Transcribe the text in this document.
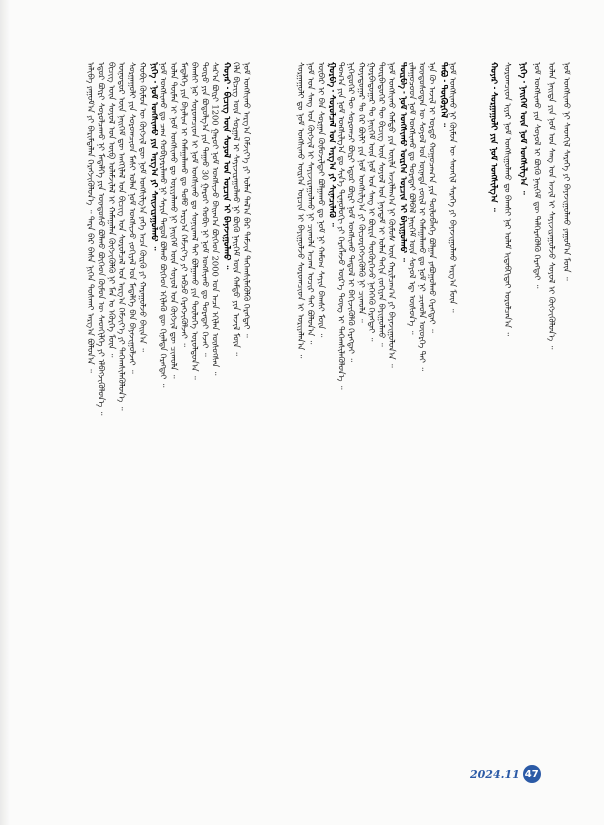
ᠠᠯᠢᠪᠠ ᠶᠠᠭᠤᠮ᠎ᠠ ᠶᠢ ᠪᠠᠷᠢᠮᠲᠠᠯᠠᠨ ᠬᠡᠷᠡᠭᠵᠢᠭᠦᠯᠦᠨ᠎ᠡ ᠃ ᠲᠡᠷᠡ ᠪᠡᠷ ᠪᠠᠰᠠ ᠨᠢᠭᠡᠨ ᠲᠤᠰᠬᠠᠢ ᠠᠷᠭ᠎ᠠ ᠪᠣᠯᠤᠨ᠎ᠠ ᠃ ᠡᠳᠦᠷ ᠪᠦᠷᠢ ᠰᠤᠷᠤᠯᠴᠠᠬᠤ ᠨᠢ ᠮᠡᠳᠡᠯᠭᠡ ᠶᠢᠨ ᠦᠨᠳᠦᠰᠦ ᠪᠣᠯᠬᠤ ᠪᠥᠭᠡᠳ ᠬᠦᠮᠦᠨ ᠦ ᠰᠡᠳᠬᠢᠯᠭᠡ ᠶᠢ ᠡᠯᠪᠡᠭᠵᠢᠭᠦᠯᠦᠨ᠎ᠡ ᠃ ᠪᠢᠴᠢᠭ ᠦᠨ ᠰᠤᠶᠤᠯ ᠤᠨ ᠦᠪ ᠤᠯᠠᠮᠵᠢᠯᠠᠯ ᠢ ᠬᠠᠮᠠᠭᠠᠯᠠᠨ ᠬᠥᠭᠵᠢᠭᠦᠯᠬᠦ ᠨᠢ ᠮᠠᠨ ᠤ ᠡᠭᠦᠷᠭᠡ ᠮᠥᠨ ᠃ ᠥᠨᠥᠳᠥᠷ ᠦᠨ ᠨᠡᠢᠭᠡᠮ ᠳᠦ ᠠᠩᠭᠢᠯᠠᠯ ᠤᠨ ᠪᠢᠴᠢᠭ ᠤᠨ ᠰᠤᠷᠤᠯᠴᠠᠯ ᠤᠨ ᠠᠷᠭ᠎ᠠ ᠬᠡᠮᠵᠢᠶ᠎ᠡ ᠶᠢ ᠳᠡᠭᠡᠭ᠍ᠰᠢᠯᠡᠭᠦᠯᠦᠨ᠎ᠡ ᠃ ᠰᠤᠷᠭᠠᠭᠤᠯᠢ ᠶᠢᠨ ᠰᠤᠷᠤᠭᠴᠢᠳ ᠮᠠᠰᠢ ᠣᠯᠠᠨ ᠨᠣᠮ ᠤᠩᠰᠢᠵᠤ ᠵᠣᠬᠢᠶᠠᠯ ᠤᠨ ᠮᠡᠳᠡᠯᠭᠡ ᠪᠡᠨ ᠪᠠᠶᠠᠵᠢᠭᠤᠯᠵᠠᠢ ᠃ ᠬᠤᠪᠢ ᠬᠥᠮᠥᠨ ᠦ ᠬᠥᠭᠵᠢᠯ ᠳᠦ ᠨᠣᠮ ᠤᠩᠰᠢᠯᠭ᠎ᠠ ᠶᠡᠬᠡ ᠠᠴᠠ ᠬᠦᠷᠬᠦ ᠶᠢ ᠬᠠᠷᠠᠭᠤᠯᠵᠤ ᠪᠠᠢᠨ᠎ᠠ ᠃ ᠨᠢᠭᠡ ᠊ ᠨᠣᠮ ᠤᠩᠰᠢᠬᠤ ᠶᠢᠨ ᠠᠷᠭ᠎ᠠ ᠶᠢ ᠰᠠᠢᠵᠢᠷᠠᠭᠤᠯᠬᠤ ᠃ ᠨᠣᠮ ᠤᠩᠰᠢᠬᠤ ᠳᠤ ᠴᠠᠭ ᠬᠤᠪᠢᠶᠠᠷᠢᠯᠠᠬᠤ ᠨᠢ ᠰᠠᠶᠢᠨ ᠳᠠᠳᠤᠯ ᠪᠣᠯᠬᠤ ᠪᠥᠭᠡᠳ ᠡᠬᠢᠯᠡᠬᠦ ᠳᠦ ᠬᠢᠨᠠᠯᠲᠠ ᠬᠡᠷᠡᠭᠲᠡᠢ ᠃ ᠣᠯᠠᠨ ᠲᠦᠮᠡᠨ ᠢ ᠨᠣᠮ ᠤᠩᠰᠢᠬᠤ ᠳᠤ ᠤᠷᠢᠶᠠᠯᠠᠬᠤ ᠨᠢ ᠨᠡᠢᠭᠡᠮ ᠦᠨ ᠰᠣᠶᠣᠯ ᠤᠨ ᠬᠥᠭᠵᠢᠯ ᠳᠦ ᠴᠢᠬᠤᠯᠠ ᠃ ᠮᠡᠳᠡᠯᠭᠡ ᠶᠢᠨ ᠪᠠᠶᠠᠯᠢᠭ ᠢ ᠬᠠᠮᠠᠭᠠᠯᠠᠬᠤ ᠳᠤ ᠲᠣᠮᠣ ᠠᠷᠭ᠎ᠠ ᠬᠡᠮᠵᠢᠶ᠎ᠡ ᠶᠢ ᠠᠪᠴᠤ ᠬᠡᠷᠡᠭᠵᠢᠭᠦᠯᠵᠡᠢ ᠃ ᠪᠠᠭᠰᠢ ᠨᠠᠷ ᠰᠤᠷᠤᠭᠴᠢᠳ ᠢ ᠨᠣᠮ ᠤᠩᠰᠢᠬᠤ ᠳᠤ ᠰᠣᠨᠢᠷᠬᠠᠯ ᠲᠠᠢ ᠪᠣᠯᠭᠠᠬᠤ ᠶᠢᠨ ᠲᠥᠯᠦᠭᠡ ᠣᠷᠣᠯᠳᠤᠨ᠎ᠠ ᠃ ᠲᠥᠷᠥ ᠶᠢᠨ ᠪᠣᠳᠣᠯᠭ᠎ᠠ ᠶᠢᠨ ᠳᠠᠭᠠᠤ 30 ᠭᠠᠷᠤᠢ ᠬᠤᠪᠢ ᠨᠢ ᠨᠣᠮ ᠤᠩᠰᠢᠬᠤ ᠳᠤ ᠳᠤᠷᠠᠲᠠᠢ ᠭᠡᠵᠡᠢ ᠃ ᠰᠠᠷ᠎ᠠ ᠪᠦᠷᠢ 1200 ᠭᠠᠷᠤᠢ ᠨᠣᠮ ᠤᠩᠰᠢᠵᠤ ᠪᠠᠢᠭ᠎ᠠ ᠪᠥᠭᠡᠳ 2000 ᠣᠨ ᠠᠴᠠ ᠡᠬᠢᠯᠡᠨ ᠥᠰᠦᠭᠰᠡᠨ ᠃ ᠬᠣᠶᠠᠷ ᠊ ᠪᠢᠴᠢᠭ ᠦᠨ ᠰᠤᠶᠤᠯ ᠤᠨ ᠣᠷᠴᠢᠨ ᠢ ᠪᠠᠶᠠᠵᠢᠭᠤᠯᠬᠤ ᠃ ᠬᠡᠯᠡ ᠪᠢᠴᠢᠭ ᠦᠨ ᠰᠤᠷᠭᠠᠯ ᠢ ᠰᠠᠶᠢᠵᠢᠷᠠᠭᠤᠯᠬᠤ ᠨᠢ ᠪᠦᠬᠦ ᠨᠡᠢᠭᠡᠮ ᠦᠨ ᠬᠠᠮᠲᠤ ᠶᠢᠨ ᠠᠵᠢᠯ ᠮᠥᠨ ᠃ ᠨᠣᠮ ᠤᠩᠰᠢᠬᠤ ᠠᠷᠭ᠎ᠠ ᠬᠡᠮᠵᠢᠶ᠎ᠡ ᠶᠢ ᠣᠯᠠᠨ ᠲᠠᠯ᠎ᠠ ᠪᠠᠷ ᠳᠡᠮᠵᠢᠨ ᠳᠡᠭᠡᠭ᠍ᠰᠢᠯᠡᠭᠦᠯᠬᠦ ᠬᠡᠷᠡᠭᠲᠡᠢ ᠃	ᠰᠤᠷᠭᠠᠭᠤᠯᠢ ᠳᠤ ᠨᠣᠮ ᠤᠩᠰᠢᠬᠤ ᠥᠷᠭᠡᠨ ᠣᠷᠴᠢᠨ ᠢ ᠪᠠᠶᠢᠭᠤᠯᠵᠤ ᠰᠤᠷᠤᠭᠴᠢᠳ ᠢ ᠤᠷᠢᠶᠠᠯᠠᠨ᠎ᠠ ᠃ ᠨᠣᠮ ᠤᠨ ᠰᠠᠩ ᠤᠨ ᠬᠥᠭᠵᠢᠯ ᠢ ᠰᠠᠶᠢᠵᠢᠷᠠᠭᠤᠯᠬᠤ ᠨᠢ ᠴᠢᠬᠤᠯᠠ ᠠᠴᠬᠠ ᠤᠴᠢᠷ ᠲᠠᠢ ᠪᠣᠯᠤᠨ᠎ᠠ ᠃ ᠥᠪᠡᠷ ᠢ ᠪᠡᠨ ᠰᠤᠷᠭᠠᠨ ᠬᠦᠮᠦᠵᠢᠯᠲᠡᠢ ᠪᠣᠯᠭᠠᠬᠤ ᠳᠤ ᠨᠣᠮ ᠨᠢ ᠬᠠᠮᠤᠭ ᠰᠠᠶᠢᠨ ᠪᠠᠭᠰᠢ ᠮᠥᠨ ᠃ ᠭᠤᠷᠪᠠ ᠊ ᠰᠤᠷᠤᠯᠴᠠᠯ ᠤᠨ ᠠᠷᠭ᠎ᠠ ᠶᠢ ᠰᠢᠨᠡᠴᠢᠯᠡᠬᠦ ᠃ ᠲᠣᠭ᠎ᠠ ᠶᠢᠨ ᠨᠣᠮ ᠤᠩᠰᠢᠯᠭ᠎ᠠ ᠳᠤ ᠰᠢᠨ᠎ᠡ ᠲᠧᠠᠨᠣᠯᠣᠭᠢ ᠶᠢ ᠬᠡᠷᠡᠭᠯᠡᠵᠦ ᠦᠷ᠎ᠡ ᠳᠦᠩ ᠢ ᠳᠡᠭᠡᠭ᠍ᠰᠢᠯᠡᠭᠦᠯᠦᠨ᠎ᠡ ᠃ ᠨᠢᠭᠡᠳᠦᠭᠡᠷ ᠲᠦ ᠰᠤᠷᠤᠭᠴᠢ ᠪᠦᠷᠢ ᠡᠳᠦᠷ ᠪᠦᠷᠢ ᠨᠣᠮ ᠤᠩᠰᠢᠬᠤ ᠳᠠᠳᠤᠯ ᠢ ᠪᠡᠬᠢᠵᠢᠭᠦᠯᠬᠦ ᠬᠡᠷᠡᠭᠲᠡᠢ ᠃ ᠬᠣᠶᠠᠳᠤᠭᠠᠷ ᠲᠤ ᠭᠡᠷ ᠪᠦᠯᠢ ᠶᠢᠨ ᠨᠣᠮ ᠤᠩᠰᠢᠯᠭ᠎ᠠ ᠶᠢ ᠬᠦᠴᠦᠷᠬᠡᠭᠵᠢᠭᠦᠯᠬᠦ ᠨᠢ ᠴᠢᠬᠤᠯᠠ ᠃ ᠭᠤᠷᠪᠠᠳᠤᠭᠠᠷ ᠲᠤ ᠨᠡᠢᠭᠡᠮ ᠦᠨ ᠨᠣᠮ ᠤᠨ ᠰᠠᠩ ᠢ ᠪᠦᠷᠢᠨ ᠳᠦᠭᠦᠷᠭᠡᠵᠦ ᠨᠡᠭᠡᠭᠡᠬᠦ ᠬᠡᠷᠡᠭᠲᠡᠢ ᠃ ᠳᠥᠷᠪᠡᠳᠦᠭᠡᠷ ᠲᠦ ᠪᠢᠴᠢᠭ ᠦᠨ ᠰᠤᠶᠤᠯ ᠤᠨ ᠨᠠᠶᠠᠳᠠᠮ ᠢ ᠣᠯᠠᠨ ᠳᠠᠬᠢᠨ ᠵᠣᠬᠢᠶᠠᠨ ᠪᠠᠶᠢᠭᠤᠯᠬᠤ ᠃ ᠨᠣᠮ ᠤᠩᠰᠢᠬᠤ ᠬᠠᠮᠲᠤ ᠶᠢᠨ ᠦᠢᠯᠡ ᠠᠵᠢᠯᠯᠠᠭ᠎ᠠ ᠨᠢ ᠬᠦᠮᠦᠰ ᠦᠨ ᠬᠠᠷᠢᠯᠴᠠᠭ᠎ᠠ ᠶᠢ ᠪᠠᠶᠠᠵᠢᠭᠤᠯᠤᠨ᠎ᠠ ᠃ ᠳᠥᠷᠪᠡ ᠊ ᠨᠣᠮ ᠤᠩᠰᠢᠬᠤ ᠥᠷᠭᠡᠨ ᠣᠷᠴᠢᠨ ᠢ ᠪᠠᠶᠢᠭᠤᠯᠬᠤ ᠃ ᠵᠠᠯᠠᠭᠤᠴᠤᠳ ᠨᠣᠮ ᠤᠩᠰᠢᠬᠤ ᠳᠤ ᠳᠤᠷᠠᠲᠠᠢ ᠪᠣᠯᠪᠠᠯ ᠨᠡᠢᠭᠡᠮ ᠦᠨ ᠰᠣᠶᠣᠯ ᠡᠳ᠋ ᠥᠰᠦᠨ᠎ᠡ ᠃ ᠦᠨᠳᠦᠰᠦᠲᠡᠨ ᠦ ᠰᠣᠶᠣᠯ ᠤᠨ ᠦᠨᠡᠲᠡ ᠵᠦᠢᠯ ᠢ ᠬᠠᠮᠠᠭᠠᠯᠠᠬᠤ ᠳᠤ ᠨᠣᠮ ᠨᠢ ᠴᠢᠬᠤᠯᠠ ᠦᠦᠷᠭᠡ ᠲᠡᠢ ᠃ ᠡᠨᠡ ᠬᠦ ᠠᠵᠢᠯ ᠢ ᠤᠷᠲᠤ ᠬᠤᠭᠤᠴᠠᠭ᠎ᠠ ᠶᠢᠨ ᠲᠥᠯᠥᠪᠯᠡᠭᠡ ᠪᠣᠯᠭᠠᠨ ᠶᠠᠪᠤᠭᠤᠯᠬᠤ ᠬᠡᠷᠡᠭᠲᠡᠢ ᠃ ᠲᠠᠪᠤ ᠊ ᠳᠦᠭᠦᠷᠭᠡᠯ ᠃ ᠨᠣᠮ ᠤᠩᠰᠢᠬᠤ ᠨᠢ ᠬᠦᠮᠦᠨ ᠦ ᠰᠡᠳᠬᠢᠯ ᠰᠡᠷᠡᠭᠡ ᠶᠢ ᠪᠠᠶᠠᠵᠢᠭᠤᠯᠬᠤ ᠠᠷᠭ᠎ᠠ ᠮᠥᠨ ᠃	ᠬᠣᠶᠠᠷ ᠊ ᠰᠤᠷᠭᠠᠭᠤᠯᠢ ᠶᠢᠨ ᠨᠣᠮ ᠤᠩᠰᠢᠯᠭ᠎ᠠ ᠃ ᠰᠤᠷᠤᠭᠴᠢᠳ ᠢᠶᠠᠷ ᠨᠣᠮ ᠤᠩᠰᠢᠭᠤᠯᠬᠤ ᠳᠤ ᠪᠠᠭᠰᠢ ᠨᠠᠷ ᠤᠯᠠᠮ ᠢᠳᠡᠪᠬᠢᠲᠡᠢ ᠣᠷᠣᠯᠴᠠᠨ᠎ᠠ ᠃ ᠨᠢᠭᠡ ᠊ ᠨᠡᠢᠭᠡᠮ ᠦᠨ ᠨᠣᠮ ᠤᠩᠰᠢᠯᠭ᠎ᠠ ᠃ ᠨᠣᠮ ᠤᠩᠰᠢᠬᠤ ᠶᠢᠨ ᠰᠣᠶᠣᠯ ᠢ ᠪᠦᠬᠦ ᠨᠡᠢᠭᠡᠮ ᠳᠦ ᠳᠡᠯᠭᠡᠷᠡᠭᠦᠯᠬᠦ ᠬᠡᠷᠡᠭᠲᠡᠢ ᠃ ᠣᠯᠠᠨ ᠨᠡᠢᠲᠡ ᠶᠢᠨ ᠨᠣᠮ ᠤᠨ ᠰᠠᠩ ᠤᠨ ᠠᠵᠢᠯ ᠢ ᠰᠠᠶᠢᠵᠢᠷᠠᠭᠤᠯᠵᠤ ᠰᠣᠶᠣᠯ ᠢ ᠬᠥᠭᠵᠢᠭᠦᠯᠦᠨ᠎ᠡ ᠃ ᠨᠣᠮ ᠤᠩᠰᠢᠬᠤ ᠨᠢ ᠰᠡᠳᠬᠢᠯ ᠰᠡᠷᠡᠭᠡ ᠶᠢ ᠪᠠᠶᠠᠵᠢᠭᠤᠯᠬᠤ ᠶᠠᠭᠤᠮ᠎ᠠ ᠮᠥᠨ ᠃
2024.11 47
